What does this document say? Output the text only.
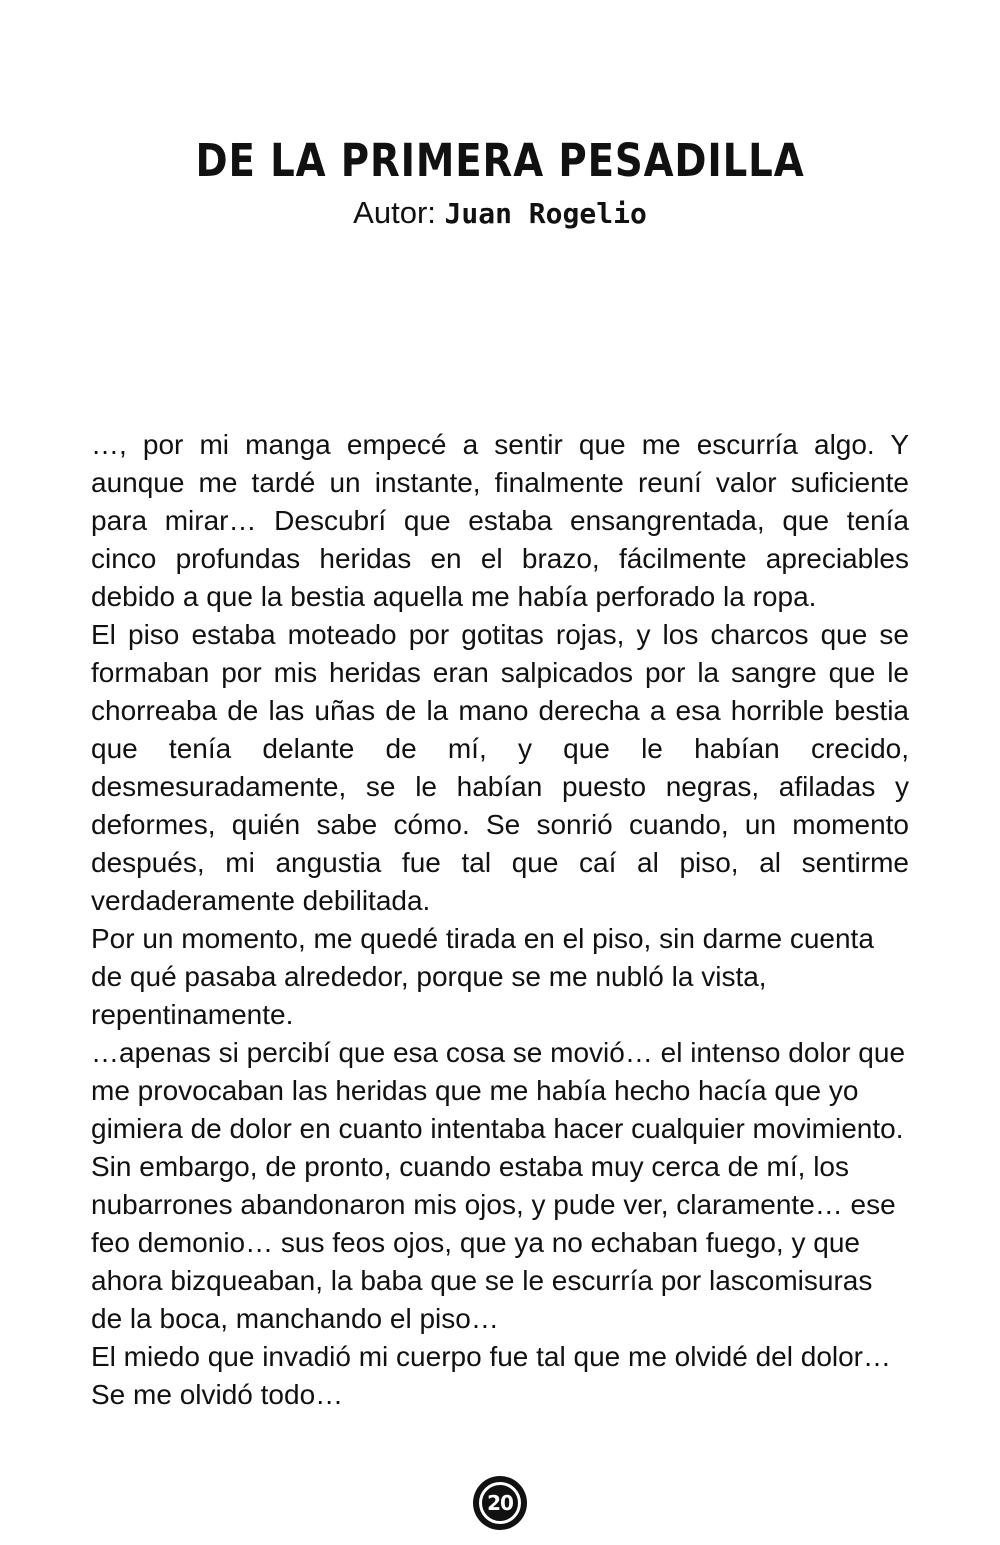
DE LA PRIMERA PESADILLA
Autor: Juan Rogelio

…, por mi manga empecé a sentir que me escurría algo. Y aunque me tardé un instante, finalmente reuní valor suficiente para mirar… Descubrí que estaba ensangrentada, que tenía cinco profundas heridas en el brazo, fácilmente apreciables debido a que la bestia aquella me había perforado la ropa.

El piso estaba moteado por gotitas rojas, y los charcos que se formaban por mis heridas eran salpicados por la sangre que le chorreaba de las uñas de la mano derecha a esa horrible bestia que tenía delante de mí, y que le habían crecido, desmesuradamente, se le habían puesto negras, afiladas y deformes, quién sabe cómo. Se sonrió cuando, un momento después, mi angustia fue tal que caí al piso, al sentirme verdaderamente debilitada.

Por un momento, me quedé tirada en el piso, sin darme cuenta de qué pasaba alrededor, porque se me nubló la vista, repentinamente.

…apenas si percibí que esa cosa se movió… el intenso dolor que me provocaban las heridas que me había hecho hacía que yo gimiera de dolor en cuanto intentaba hacer cualquier movimiento.

Sin embargo, de pronto, cuando estaba muy cerca de mí, los nubarrones abandonaron mis ojos, y pude ver, claramente… ese feo demonio… sus feos ojos, que ya no echaban fuego, y que ahora bizqueaban, la baba que se le escurría por lascomisuras de la boca, manchando el piso…

El miedo que invadió mi cuerpo fue tal que me olvidé del dolor… Se me olvidó todo…

20
